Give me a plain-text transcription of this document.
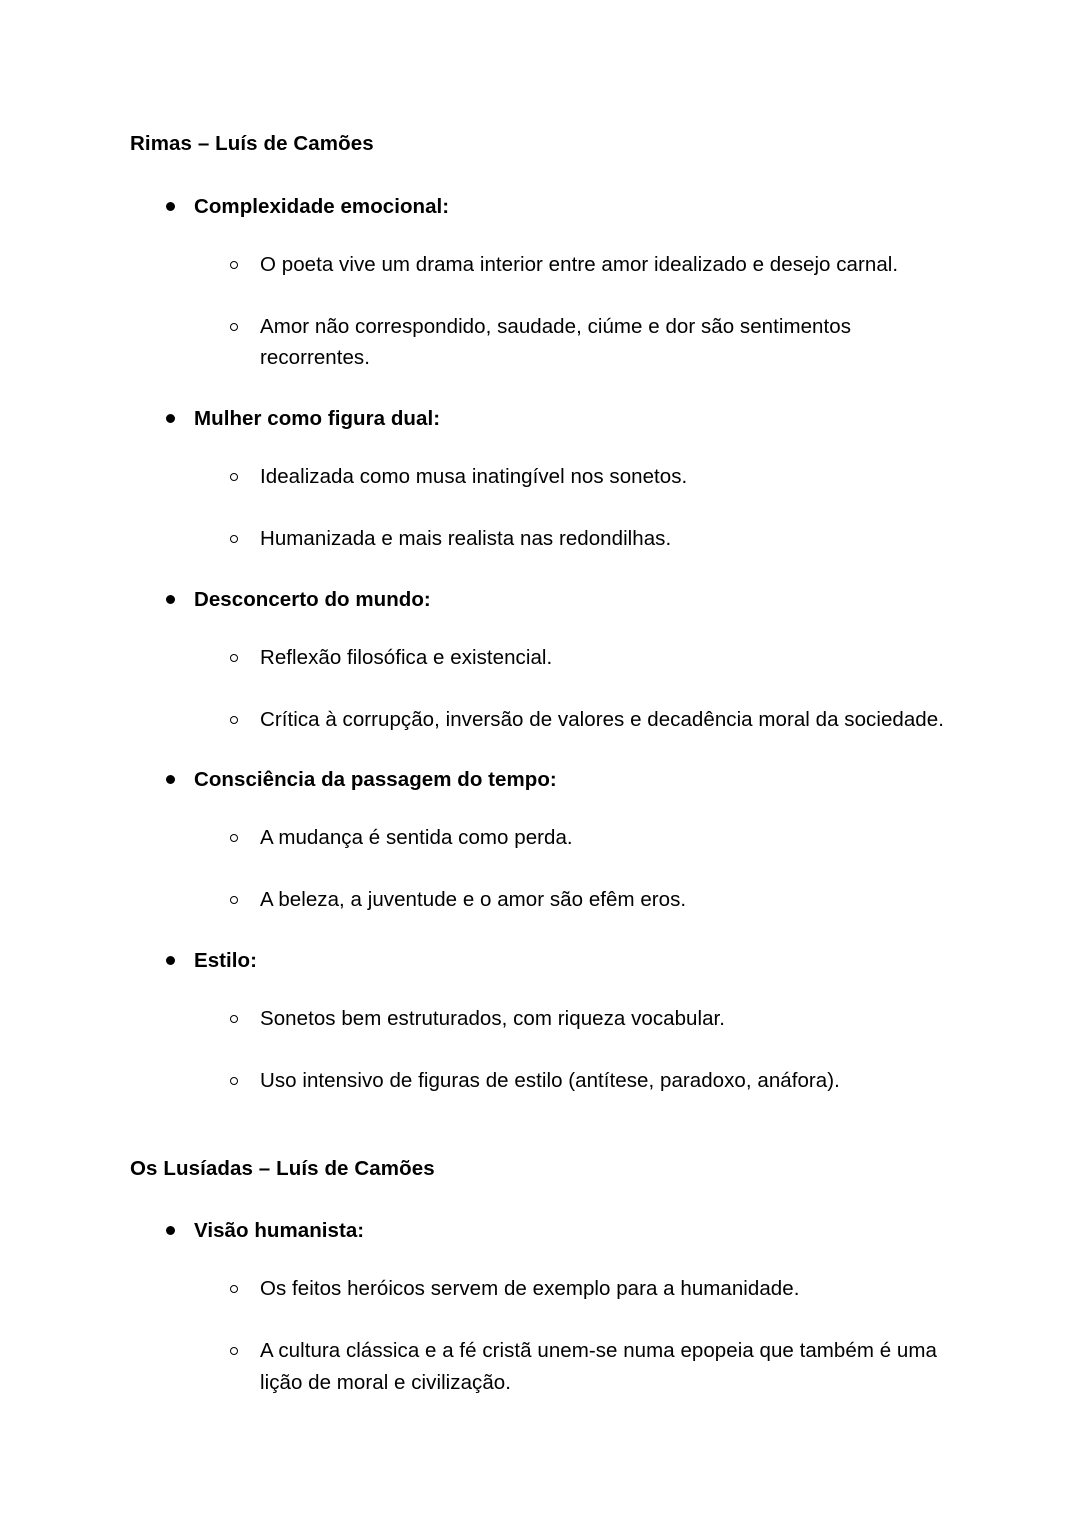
Rimas – Luís de Camões
Complexidade emocional:
O poeta vive um drama interior entre amor idealizado e desejo carnal.
Amor não correspondido, saudade, ciúme e dor são sentimentos recorrentes.
Mulher como figura dual:
Idealizada como musa inatingível nos sonetos.
Humanizada e mais realista nas redondilhas.
Desconcerto do mundo:
Reflexão filosófica e existencial.
Crítica à corrupção, inversão de valores e decadência moral da sociedade.
Consciência da passagem do tempo:
A mudança é sentida como perda.
A beleza, a juventude e o amor são efêm eros.
Estilo:
Sonetos bem estruturados, com riqueza vocabular.
Uso intensivo de figuras de estilo (antítese, paradoxo, anáfora).
Os Lusíadas – Luís de Camões
Visão humanista:
Os feitos heróicos servem de exemplo para a humanidade.
A cultura clássica e a fé cristã unem-se numa epopeia que também é uma lição de moral e civilização.
